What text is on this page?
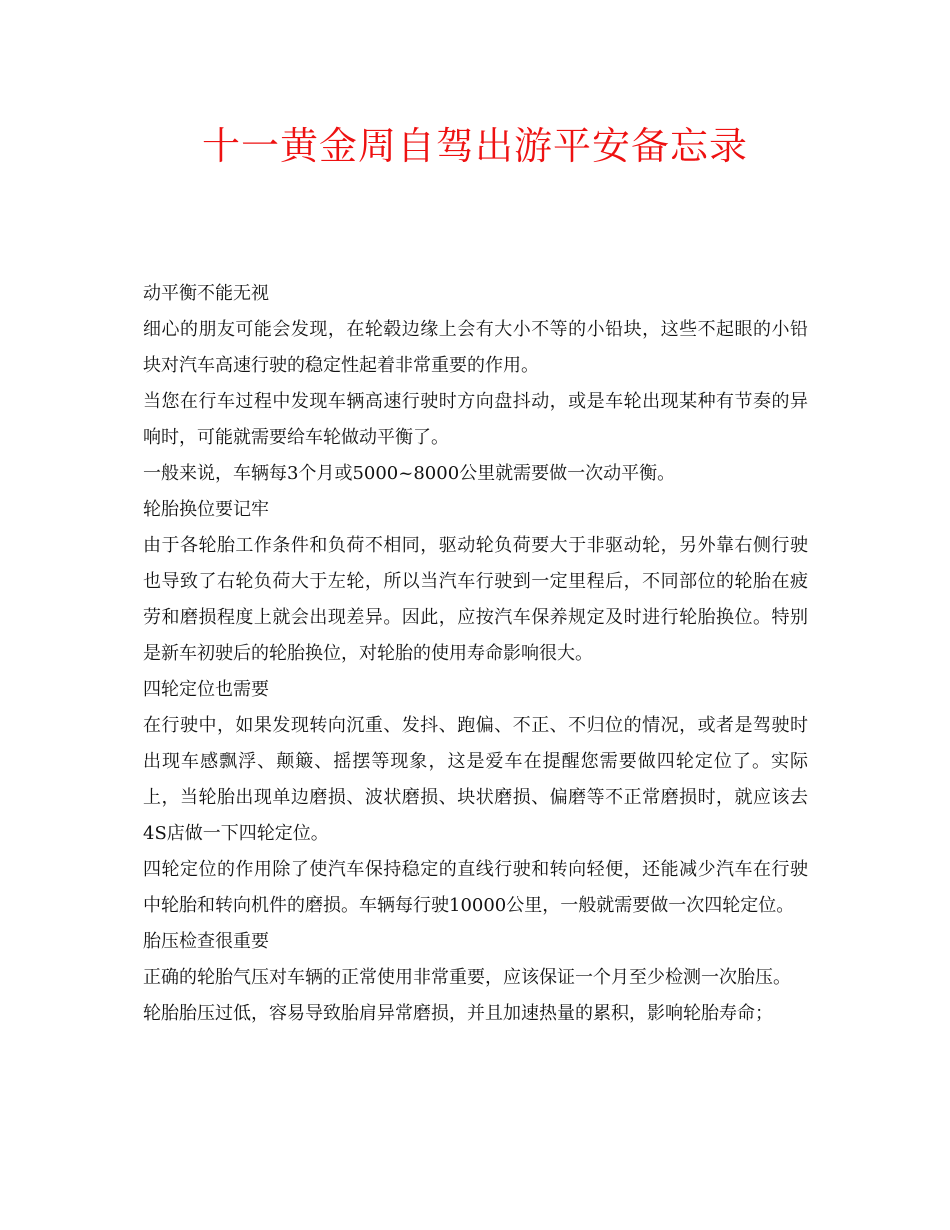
十一黄金周自驾出游平安备忘录

动平衡不能无视

细心的朋友可能会发现，在轮毂边缘上会有大小不等的小铅块，这些不起眼的小铅块对汽车高速行驶的稳定性起着非常重要的作用。

当您在行车过程中发现车辆高速行驶时方向盘抖动，或是车轮出现某种有节奏的异响时，可能就需要给车轮做动平衡了。

一般来说，车辆每3个月或5000~8000公里就需要做一次动平衡。

轮胎换位要记牢

由于各轮胎工作条件和负荷不相同，驱动轮负荷要大于非驱动轮，另外靠右侧行驶也导致了右轮负荷大于左轮，所以当汽车行驶到一定里程后，不同部位的轮胎在疲劳和磨损程度上就会出现差异。因此，应按汽车保养规定及时进行轮胎换位。特别是新车初驶后的轮胎换位，对轮胎的使用寿命影响很大。

四轮定位也需要

在行驶中，如果发现转向沉重、发抖、跑偏、不正、不归位的情况，或者是驾驶时出现车感飘浮、颠簸、摇摆等现象，这是爱车在提醒您需要做四轮定位了。实际上，当轮胎出现单边磨损、波状磨损、块状磨损、偏磨等不正常磨损时，就应该去4S店做一下四轮定位。

四轮定位的作用除了使汽车保持稳定的直线行驶和转向轻便，还能减少汽车在行驶中轮胎和转向机件的磨损。车辆每行驶10000公里，一般就需要做一次四轮定位。

胎压检查很重要

正确的轮胎气压对车辆的正常使用非常重要，应该保证一个月至少检测一次胎压。

轮胎胎压过低，容易导致胎肩异常磨损，并且加速热量的累积，影响轮胎寿命；
